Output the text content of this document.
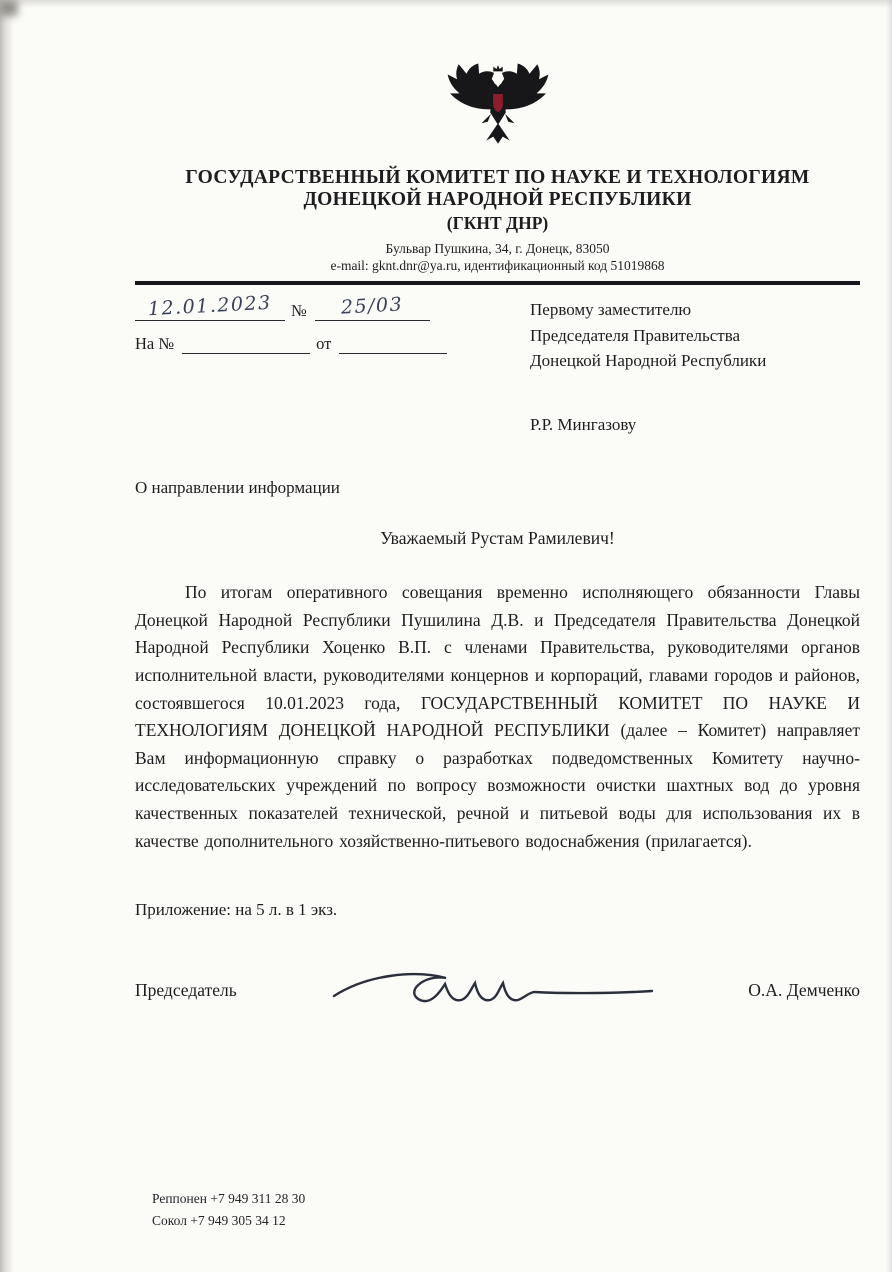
ГОСУДАРСТВЕННЫЙ КОМИТЕТ ПО НАУКЕ И ТЕХНОЛОГИЯМ
ДОНЕЦКОЙ НАРОДНОЙ РЕСПУБЛИКИ
(ГКНТ ДНР)
Бульвар Пушкина, 34, г. Донецк, 83050
e-mail: gknt.dnr@ya.ru, идентификационный код 51019868
12.01.2023	№	25/03
На №	от
Первому заместителю
Председателя Правительства
Донецкой Народной Республики
Р.Р. Мингазову
О направлении информации
Уважаемый Рустам Рамилевич!

По итогам оперативного совещания временно исполняющего обязанности Главы Донецкой Народной Республики Пушилина Д.В. и Председателя Правительства Донецкой Народной Республики Хоценко В.П. с членами Правительства, руководителями органов исполнительной власти, руководителями концернов и корпораций, главами городов и районов, состоявшегося 10.01.2023 года, ГОСУДАРСТВЕННЫЙ КОМИТЕТ ПО НАУКЕ И ТЕХНОЛОГИЯМ ДОНЕЦКОЙ НАРОДНОЙ РЕСПУБЛИКИ (далее – Комитет) направляет Вам информационную справку о разработках подведомственных Комитету научно-исследовательских учреждений по вопросу возможности очистки шахтных вод до уровня качественных показателей технической, речной и питьевой воды для использования их в качестве дополнительного хозяйственно-питьевого водоснабжения (прилагается).

Приложение: на 5 л. в 1 экз.
Председатель	О.А. Демченко
Реппонен +7 949 311 28 30
Сокол +7 949 305 34 12
